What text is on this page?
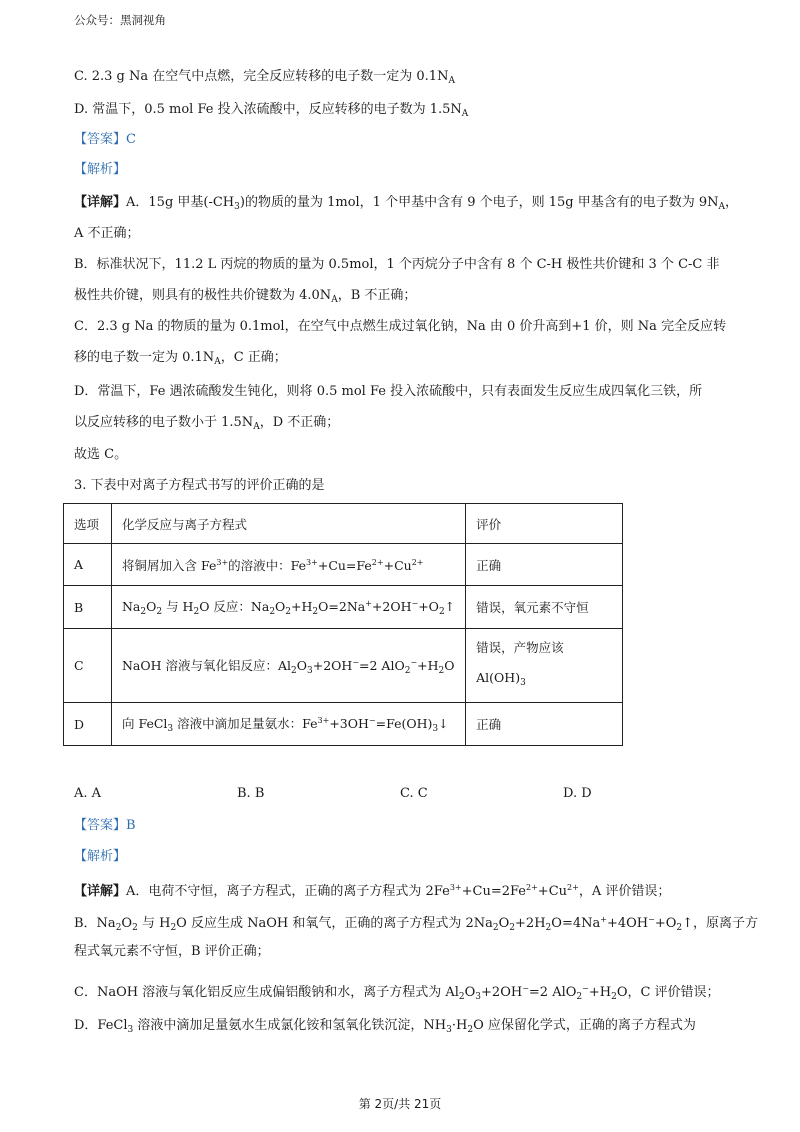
公众号：黑洞视角
C. 2.3 g Na 在空气中点燃，完全反应转移的电子数一定为 $0.1N_A$
D. 常温下，0.5 mol Fe 投入浓硫酸中，反应转移的电子数为 $1.5N_A$
【答案】C
【解析】
【详解】A．15g 甲基$(-CH_3)$的物质的量为 1mol，1 个甲基中含有 9 个电子，则 15g 甲基含有的电子数为 $9N_A$，
A 不正确；
B．标准状况下，11.2 L 丙烷的物质的量为 0.5mol，1 个丙烷分子中含有 8 个 C-H 极性共价键和 3 个 C-C 非
极性共价键，则具有的极性共价键数为 $4.0N_A$，B 不正确；
C．2.3 g Na 的物质的量为 0.1mol，在空气中点燃生成过氧化钠，Na 由 0 价升高到+1 价，则 Na 完全反应转
移的电子数一定为 $0.1N_A$，C 正确；
D．常温下，Fe 遇浓硫酸发生钝化，则将 0.5 mol Fe 投入浓硫酸中，只有表面发生反应生成四氧化三铁，所
以反应转移的电子数小于 $1.5N_A$，D 不正确；
故选 C。
3. 下表中对离子方程式书写的评价正确的是
选项	化学反应与离子方程式	评价
A	将铜屑加入含 $Fe^{3+}$的溶液中：$Fe^{3+}+Cu=Fe^{2+}+Cu^{2+}$	正确
B	$Na_2O_2$ 与 $H_2O$ 反应：$Na_2O_2+H_2O=2Na^++2OH^-+O_2↑$	错误，氧元素不守恒
C	NaOH 溶液与氧化铝反应：$Al_2O_3+2OH^-=2$ $AlO_2^-+H_2O$	错误，产物应该
$Al(OH)_3$
D	向 FeCl$_3$ 溶液中滴加足量氨水：$Fe^{3+}+3OH^-=Fe(OH)_3↓$	正确
A. A	B. B	C. C	D. D
【答案】B
【解析】
【详解】A．电荷不守恒，离子方程式，正确的离子方程式为 $2Fe^{3+}+Cu=2Fe^{2+}+Cu^{2+}$，A 评价错误；
B．$Na_2O_2$ 与 $H_2O$ 反应生成 NaOH 和氧气，正确的离子方程式为 $2Na_2O_2+2H_2O=4Na^++4OH^-+O_2↑$，原离子方
程式氧元素不守恒，B 评价正确；
C．NaOH 溶液与氧化铝反应生成偏铝酸钠和水，离子方程式为 $Al_2O_3+2OH^-=2$ $AlO_2^-+H_2O$，C 评价错误；
D．FeCl$_3$ 溶液中滴加足量氨水生成氯化铵和氢氧化铁沉淀，$NH_3\cdot H_2O$ 应保留化学式，正确的离子方程式为
第 2页/共 21页
